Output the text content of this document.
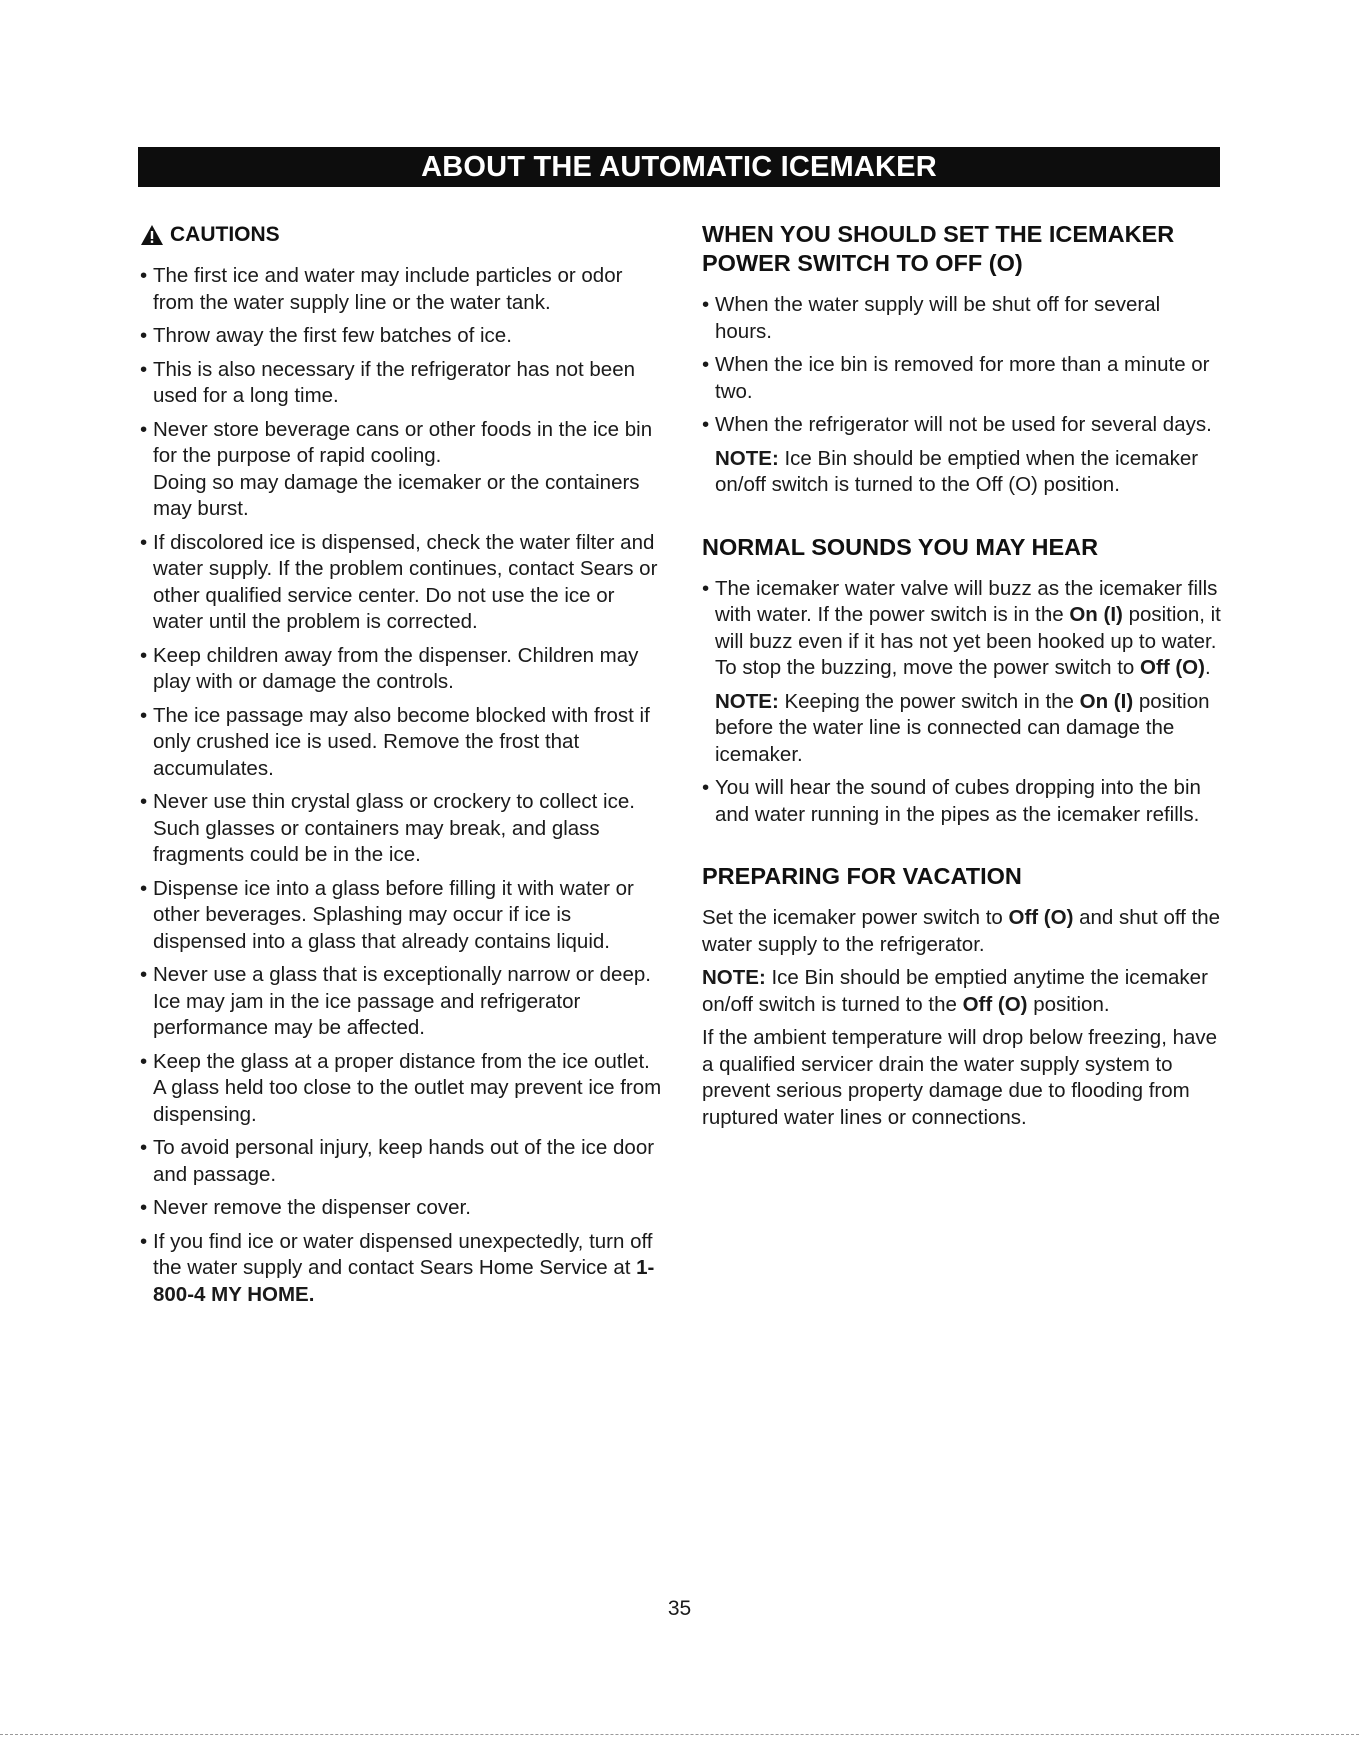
ABOUT THE AUTOMATIC ICEMAKER
CAUTIONS
• The first ice and water may include particles or odor from the water supply line or the water tank.
• Throw away the first few batches of ice.
• This is also necessary if the refrigerator has not been used for a long time.
• Never store beverage cans or other foods in the ice bin for the purpose of rapid cooling.
Doing so may damage the icemaker or the containers may burst.
• If discolored ice is dispensed, check the water filter and water supply. If the problem continues, contact Sears or other qualified service center. Do not use the ice or water until the problem is corrected.
• Keep children away from the dispenser. Children may play with or damage the controls.
• The ice passage may also become blocked with frost if only crushed ice is used. Remove the frost that accumulates.
• Never use thin crystal glass or crockery to collect ice. Such glasses or containers may break, and glass fragments could be in the ice.
• Dispense ice into a glass before filling it with water or other beverages. Splashing may occur if ice is dispensed into a glass that already contains liquid.
• Never use a glass that is exceptionally narrow or deep. Ice may jam in the ice passage and refrigerator performance may be affected.
• Keep the glass at a proper distance from the ice outlet. A glass held too close to the outlet may prevent ice from dispensing.
• To avoid personal injury, keep hands out of the ice door and passage.
• Never remove the dispenser cover.
• If you find ice or water dispensed unexpectedly, turn off the water supply and contact Sears Home Service at 1-800-4 MY HOME.
WHEN YOU SHOULD SET THE ICEMAKER
POWER SWITCH TO OFF (O)
• When the water supply will be shut off for several hours.
• When the ice bin is removed for more than a minute or two.
• When the refrigerator will not be used for several days.
NOTE: Ice Bin should be emptied when the icemaker on/off switch is turned to the Off (O) position.
NORMAL SOUNDS YOU MAY HEAR
• The icemaker water valve will buzz as the icemaker fills with water. If the power switch is in the On (I) position, it will buzz even if it has not yet been hooked up to water. To stop the buzzing, move the power switch to Off (O).
NOTE: Keeping the power switch in the On (I) position before the water line is connected can damage the icemaker.
• You will hear the sound of cubes dropping into the bin and water running in the pipes as the icemaker refills.
PREPARING FOR VACATION
Set the icemaker power switch to Off (O) and shut off the water supply to the refrigerator.
NOTE: Ice Bin should be emptied anytime the icemaker on/off switch is turned to the Off (O) position.
If the ambient temperature will drop below freezing, have a qualified servicer drain the water supply system to prevent serious property damage due to flooding from ruptured water lines or connections.
35
